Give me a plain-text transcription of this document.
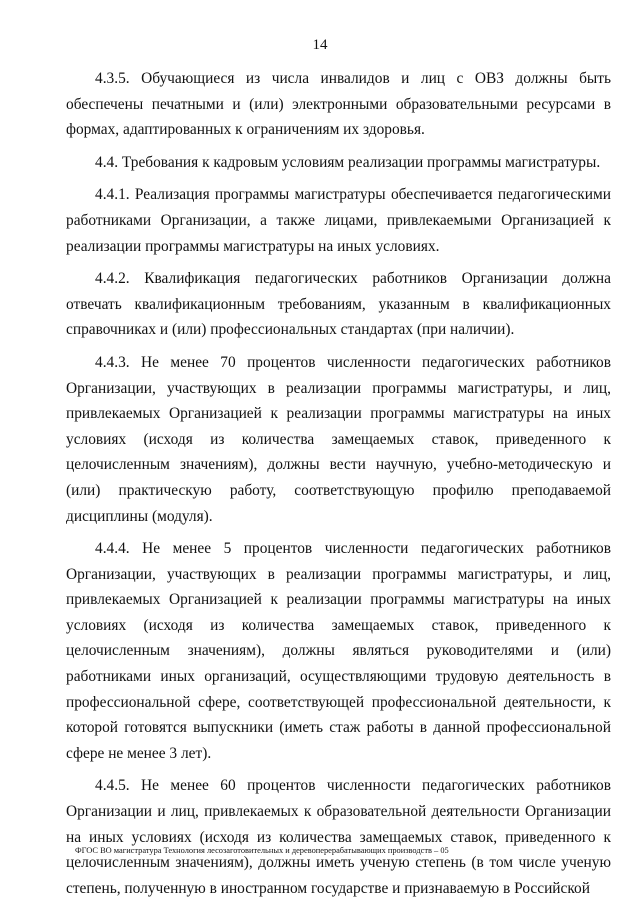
14

4.3.5. Обучающиеся из числа инвалидов и лиц с ОВЗ должны быть обеспечены печатными и (или) электронными образовательными ресурсами в формах, адаптированных к ограничениям их здоровья.

4.4. Требования к кадровым условиям реализации программы магистратуры.

4.4.1. Реализация программы магистратуры обеспечивается педагогическими работниками Организации, а также лицами, привлекаемыми Организацией к реализации программы магистратуры на иных условиях.

4.4.2. Квалификация педагогических работников Организации должна отвечать квалификационным требованиям, указанным в квалификационных справочниках и (или) профессиональных стандартах (при наличии).

4.4.3. Не менее 70 процентов численности педагогических работников Организации, участвующих в реализации программы магистратуры, и лиц, привлекаемых Организацией к реализации программы магистратуры на иных условиях (исходя из количества замещаемых ставок, приведенного к целочисленным значениям), должны вести научную, учебно-методическую и (или) практическую работу, соответствующую профилю преподаваемой дисциплины (модуля).

4.4.4. Не менее 5 процентов численности педагогических работников Организации, участвующих в реализации программы магистратуры, и лиц, привлекаемых Организацией к реализации программы магистратуры на иных условиях (исходя из количества замещаемых ставок, приведенного к целочисленным значениям), должны являться руководителями и (или) работниками иных организаций, осуществляющими трудовую деятельность в профессиональной сфере, соответствующей профессиональной деятельности, к которой готовятся выпускники (иметь стаж работы в данной профессиональной сфере не менее 3 лет).

4.4.5. Не менее 60 процентов численности педагогических работников Организации и лиц, привлекаемых к образовательной деятельности Организации на иных условиях (исходя из количества замещаемых ставок, приведенного к целочисленным значениям), должны иметь ученую степень (в том числе ученую степень, полученную в иностранном государстве и признаваемую в Российской

ФГОС ВО магистратура Технология лесозаготовительных и деревоперерабатывающих производств – 05
